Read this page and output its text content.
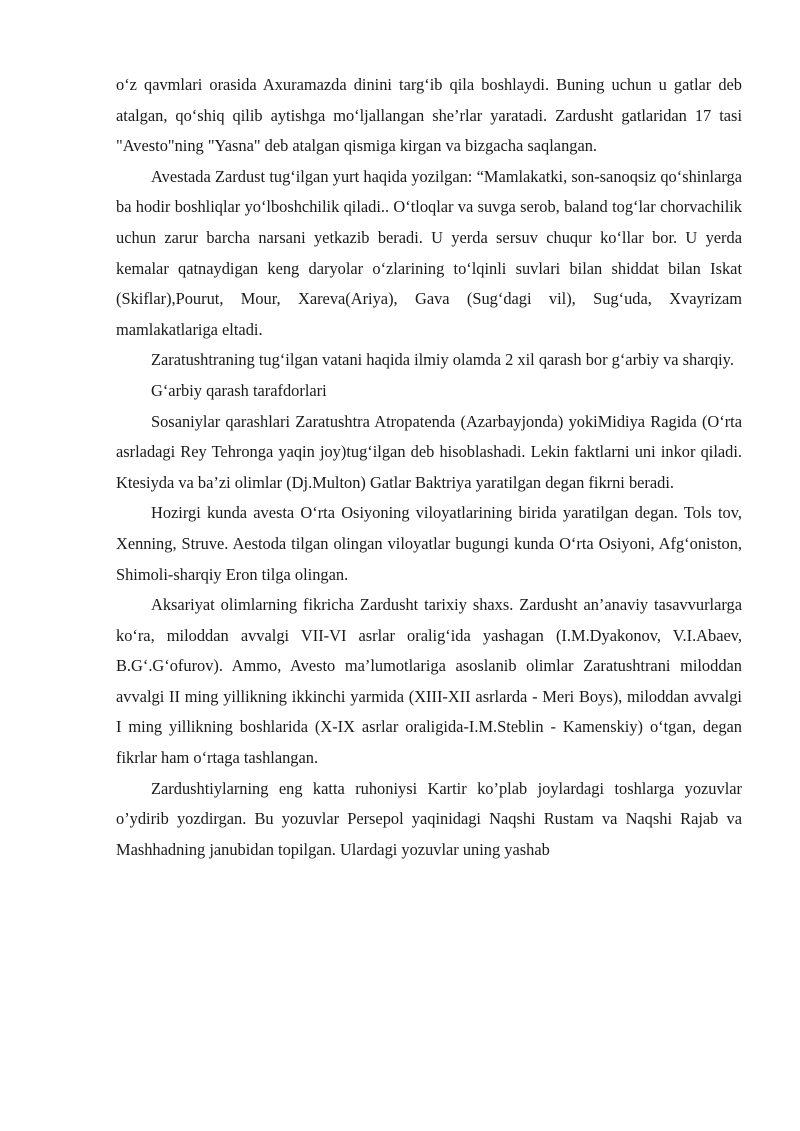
o‘z qavmlari orasida Axuramazda dinini targ‘ib qila boshlaydi. Buning uchun u gatlar deb atalgan, qo‘shiq qilib aytishga mo‘ljallangan she’rlar yaratadi. Zardusht gatlaridan 17 tasi "Avesto"ning "Yasna" deb atalgan qismiga kirgan va bizgacha saqlangan.

Avestada Zardust tug‘ilgan yurt haqida yozilgan: “Mamlakatki, son-sanoqsiz qo‘shinlarga ba hodir boshliqlar yo‘lboshchilik qiladi.. O‘tloqlar va suvga serob, baland tog‘lar chorvachilik uchun zarur barcha narsani yetkazib beradi. U yerda sersuv chuqur ko‘llar bor. U yerda kemalar qatnaydigan keng daryolar o‘zlarining to‘lqinli suvlari bilan shiddat bilan Iskat (Skiflar),Pourut, Mour, Xareva(Ariya), Gava (Sug‘dagi vil), Sug‘uda, Xvayrizam mamlakatlariga eltadi.

Zaratushtraning tug‘ilgan vatani haqida ilmiy olamda 2 xil qarash bor g‘arbiy va sharqiy.

G‘arbiy qarash tarafdorlari

Sosaniylar qarashlari Zaratushtra Atropatenda (Azarbayjonda) yokiMidiya Ragida (O‘rta asrladagi Rey Tehronga yaqin joy)tug‘ilgan deb hisoblashadi. Lekin faktlarni uni inkor qiladi. Ktesiyda va ba’zi olimlar (Dj.Multon) Gatlar Baktriya yaratilgan degan fikrni beradi.

Hozirgi kunda avesta O‘rta Osiyoning viloyatlarining birida yaratilgan degan. Tols tov, Xenning, Struve. Aestoda tilgan olingan viloyatlar bugungi kunda O‘rta Osiyoni, Afg‘oniston, Shimoli-sharqiy Eron tilga olingan.

Aksariyat olimlarning fikricha Zardusht tarixiy shaxs. Zardusht an’anaviy tasavvurlarga ko‘ra, miloddan avvalgi VII-VI asrlar oralig‘ida yashagan (I.M.Dyakonov, V.I.Abaev, B.G‘.G‘ofurov). Ammo, Avesto ma’lumotlariga asoslanib olimlar Zaratushtrani miloddan avvalgi II ming yillikning ikkinchi yarmida (XIII-XII asrlarda - Meri Boys), miloddan avvalgi I ming yillikning boshlarida (X-IX asrlar oraligida-I.M.Steblin - Kamenskiy) o‘tgan, degan fikrlar ham o‘rtaga tashlangan.

Zardushtiylarning eng katta ruhoniysi Kartir ko’plab joylardagi toshlarga yozuvlar o’ydirib yozdirgan. Bu yozuvlar Persepol yaqinidagi Naqshi Rustam va Naqshi Rajab va Mashhadning janubidan topilgan. Ulardagi yozuvlar uning yashab
